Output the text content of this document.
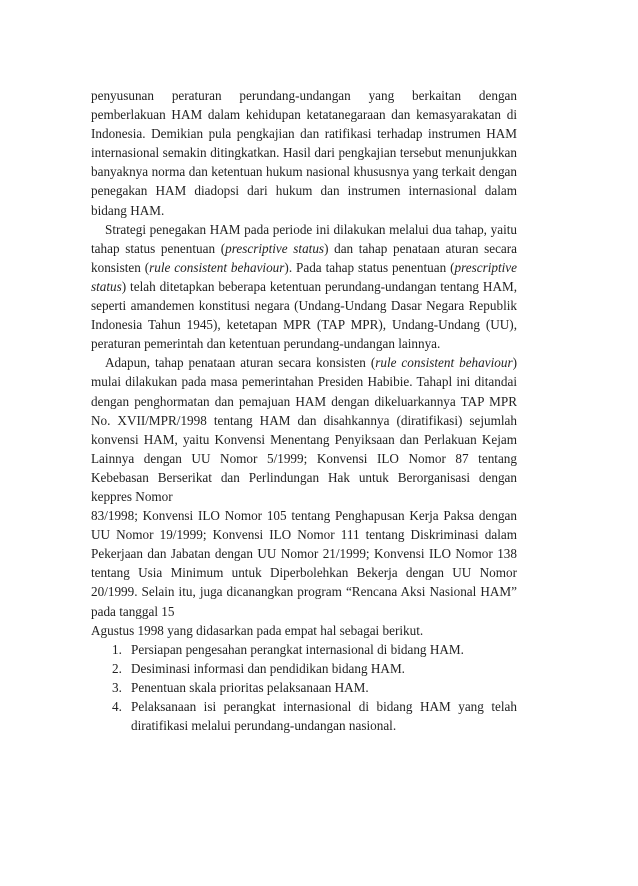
penyusunan peraturan perundang-undangan yang berkaitan dengan pemberlakuan HAM dalam kehidupan ketatanegaraan dan kemasyarakatan di Indonesia. Demikian pula pengkajian dan ratifikasi terhadap instrumen HAM internasional semakin ditingkatkan. Hasil dari pengkajian tersebut menunjukkan banyaknya norma dan ketentuan hukum nasional khususnya yang terkait dengan penegakan HAM diadopsi dari hukum dan instrumen internasional dalam bidang HAM.

Strategi penegakan HAM pada periode ini dilakukan melalui dua tahap, yaitu tahap status penentuan (prescriptive status) dan tahap penataan aturan secara konsisten (rule consistent behaviour). Pada tahap status penentuan (prescriptive status) telah ditetapkan beberapa ketentuan perundang-undangan tentang HAM, seperti amandemen konstitusi negara (Undang-Undang Dasar Negara Republik Indonesia Tahun 1945), ketetapan MPR (TAP MPR), Undang-Undang (UU), peraturan pemerintah dan ketentuan perundang-undangan lainnya.

Adapun, tahap penataan aturan secara konsisten (rule consistent behaviour) mulai dilakukan pada masa pemerintahan Presiden Habibie. Tahapl ini ditandai dengan penghormatan dan pemajuan HAM dengan dikeluarkannya TAP MPR No. XVII/MPR/1998 tentang HAM dan disahkannya (diratifikasi) sejumlah konvensi HAM, yaitu Konvensi Menentang Penyiksaan dan Perlakuan Kejam Lainnya dengan UU Nomor 5/1999; Konvensi ILO Nomor 87 tentang Kebebasan Berserikat dan Perlindungan Hak untuk Berorganisasi dengan keppres Nomor

83/1998; Konvensi ILO Nomor 105 tentang Penghapusan Kerja Paksa dengan UU Nomor 19/1999; Konvensi ILO Nomor 111 tentang Diskriminasi dalam Pekerjaan dan Jabatan dengan UU Nomor 21/1999; Konvensi ILO Nomor 138 tentang Usia Minimum untuk Diperbolehkan Bekerja dengan UU Nomor 20/1999. Selain itu, juga dicanangkan program “Rencana Aksi Nasional HAM” pada tanggal 15

Agustus 1998 yang didasarkan pada empat hal sebagai berikut.

1. Persiapan pengesahan perangkat internasional di bidang HAM.
2. Desiminasi informasi dan pendidikan bidang HAM.
3. Penentuan skala prioritas pelaksanaan HAM.
4. Pelaksanaan isi perangkat internasional di bidang HAM yang telah diratifikasi melalui perundang-undangan nasional.
